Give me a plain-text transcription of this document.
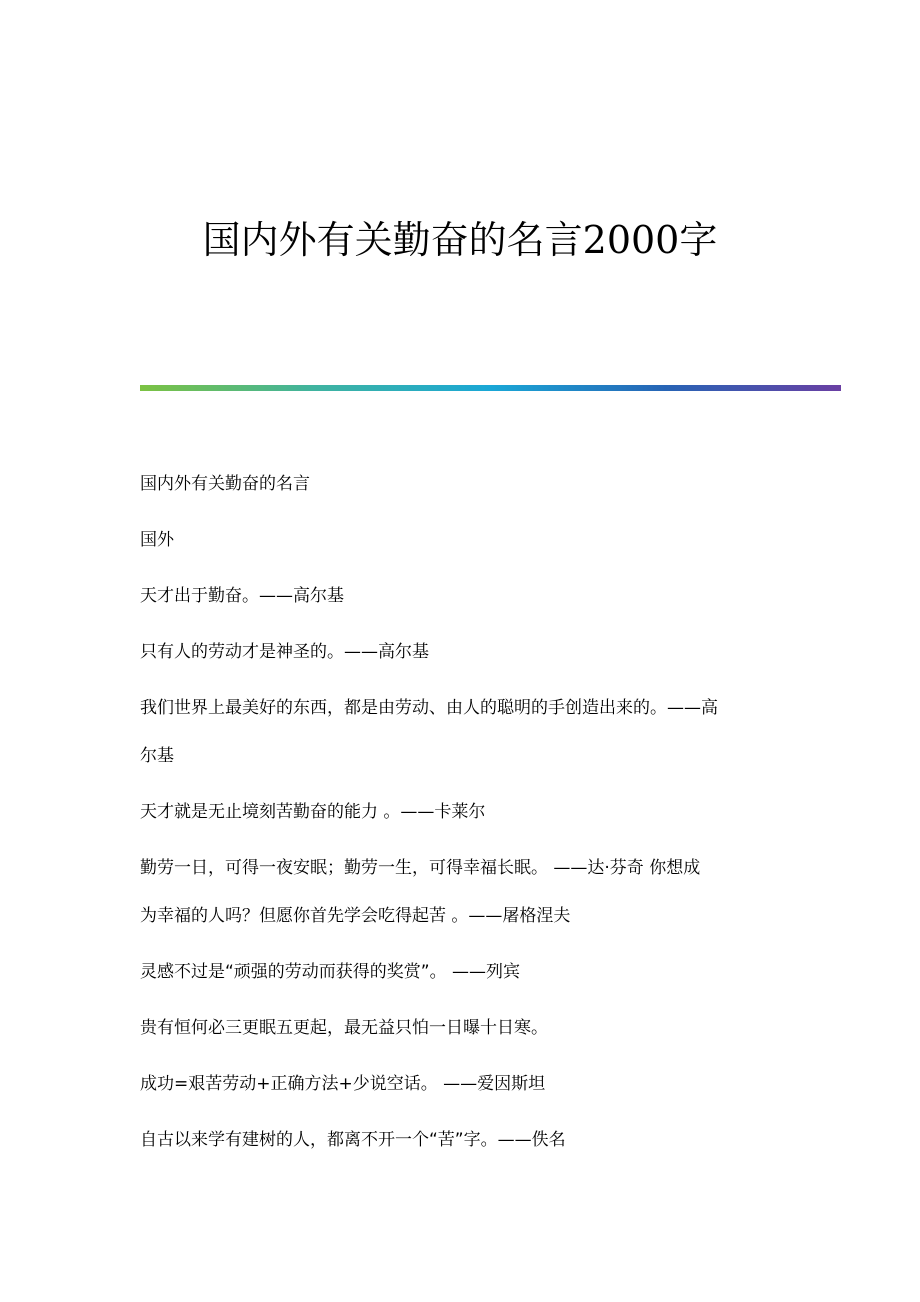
国内外有关勤奋的名言2000字
国内外有关勤奋的名言
国外
天才出于勤奋。——高尔基
只有人的劳动才是神圣的。——高尔基
我们世界上最美好的东西，都是由劳动、由人的聪明的手创造出来的。——高
尔基
天才就是无止境刻苦勤奋的能力 。——卡莱尔
勤劳一日，可得一夜安眠；勤劳一生，可得幸福长眠。 ——达·芬奇 你想成
为幸福的人吗？但愿你首先学会吃得起苦 。——屠格涅夫
灵感不过是“顽强的劳动而获得的奖赏”。 ——列宾
贵有恒何必三更眠五更起，最无益只怕一日曝十日寒。
成功=艰苦劳动+正确方法+少说空话。 ——爱因斯坦
自古以来学有建树的人，都离不开一个“苦”字。——佚名
